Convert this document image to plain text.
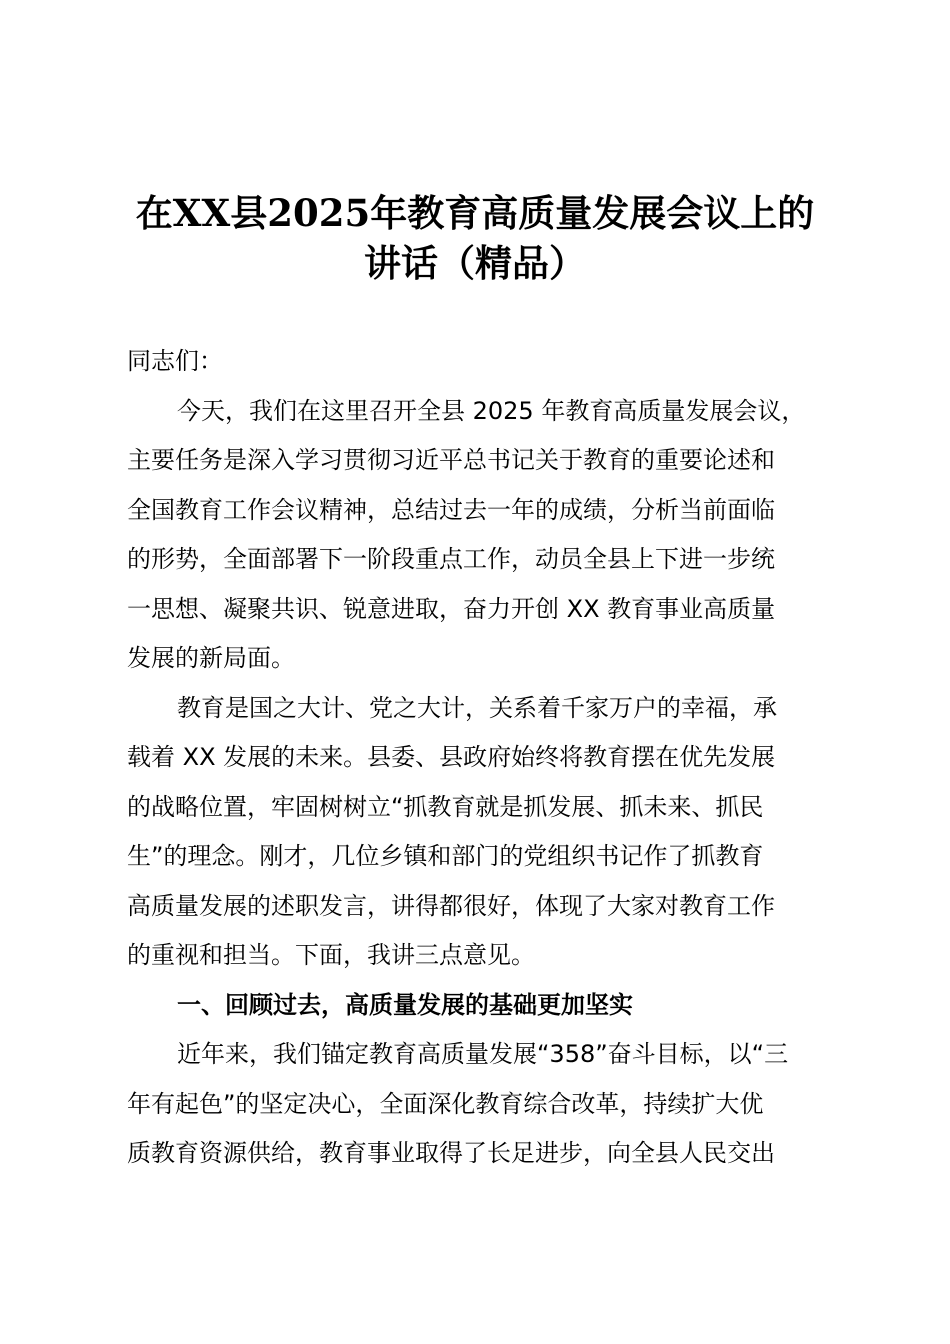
在XX县2025年教育高质量发展会议上的
讲话（精品）
同志们：
今天，我们在这里召开全县 2025 年教育高质量发展会议，
主要任务是深入学习贯彻习近平总书记关于教育的重要论述和
全国教育工作会议精神，总结过去一年的成绩，分析当前面临
的形势，全面部署下一阶段重点工作，动员全县上下进一步统
一思想、凝聚共识、锐意进取，奋力开创 XX 教育事业高质量
发展的新局面。
教育是国之大计、党之大计，关系着千家万户的幸福，承
载着 XX 发展的未来。县委、县政府始终将教育摆在优先发展
的战略位置，牢固树树立“抓教育就是抓发展、抓未来、抓民
生”的理念。刚才，几位乡镇和部门的党组织书记作了抓教育
高质量发展的述职发言，讲得都很好，体现了大家对教育工作
的重视和担当。下面，我讲三点意见。
一、回顾过去，高质量发展的基础更加坚实
近年来，我们锚定教育高质量发展“358”奋斗目标，以“三
年有起色”的坚定决心，全面深化教育综合改革，持续扩大优
质教育资源供给，教育事业取得了长足进步，向全县人民交出
